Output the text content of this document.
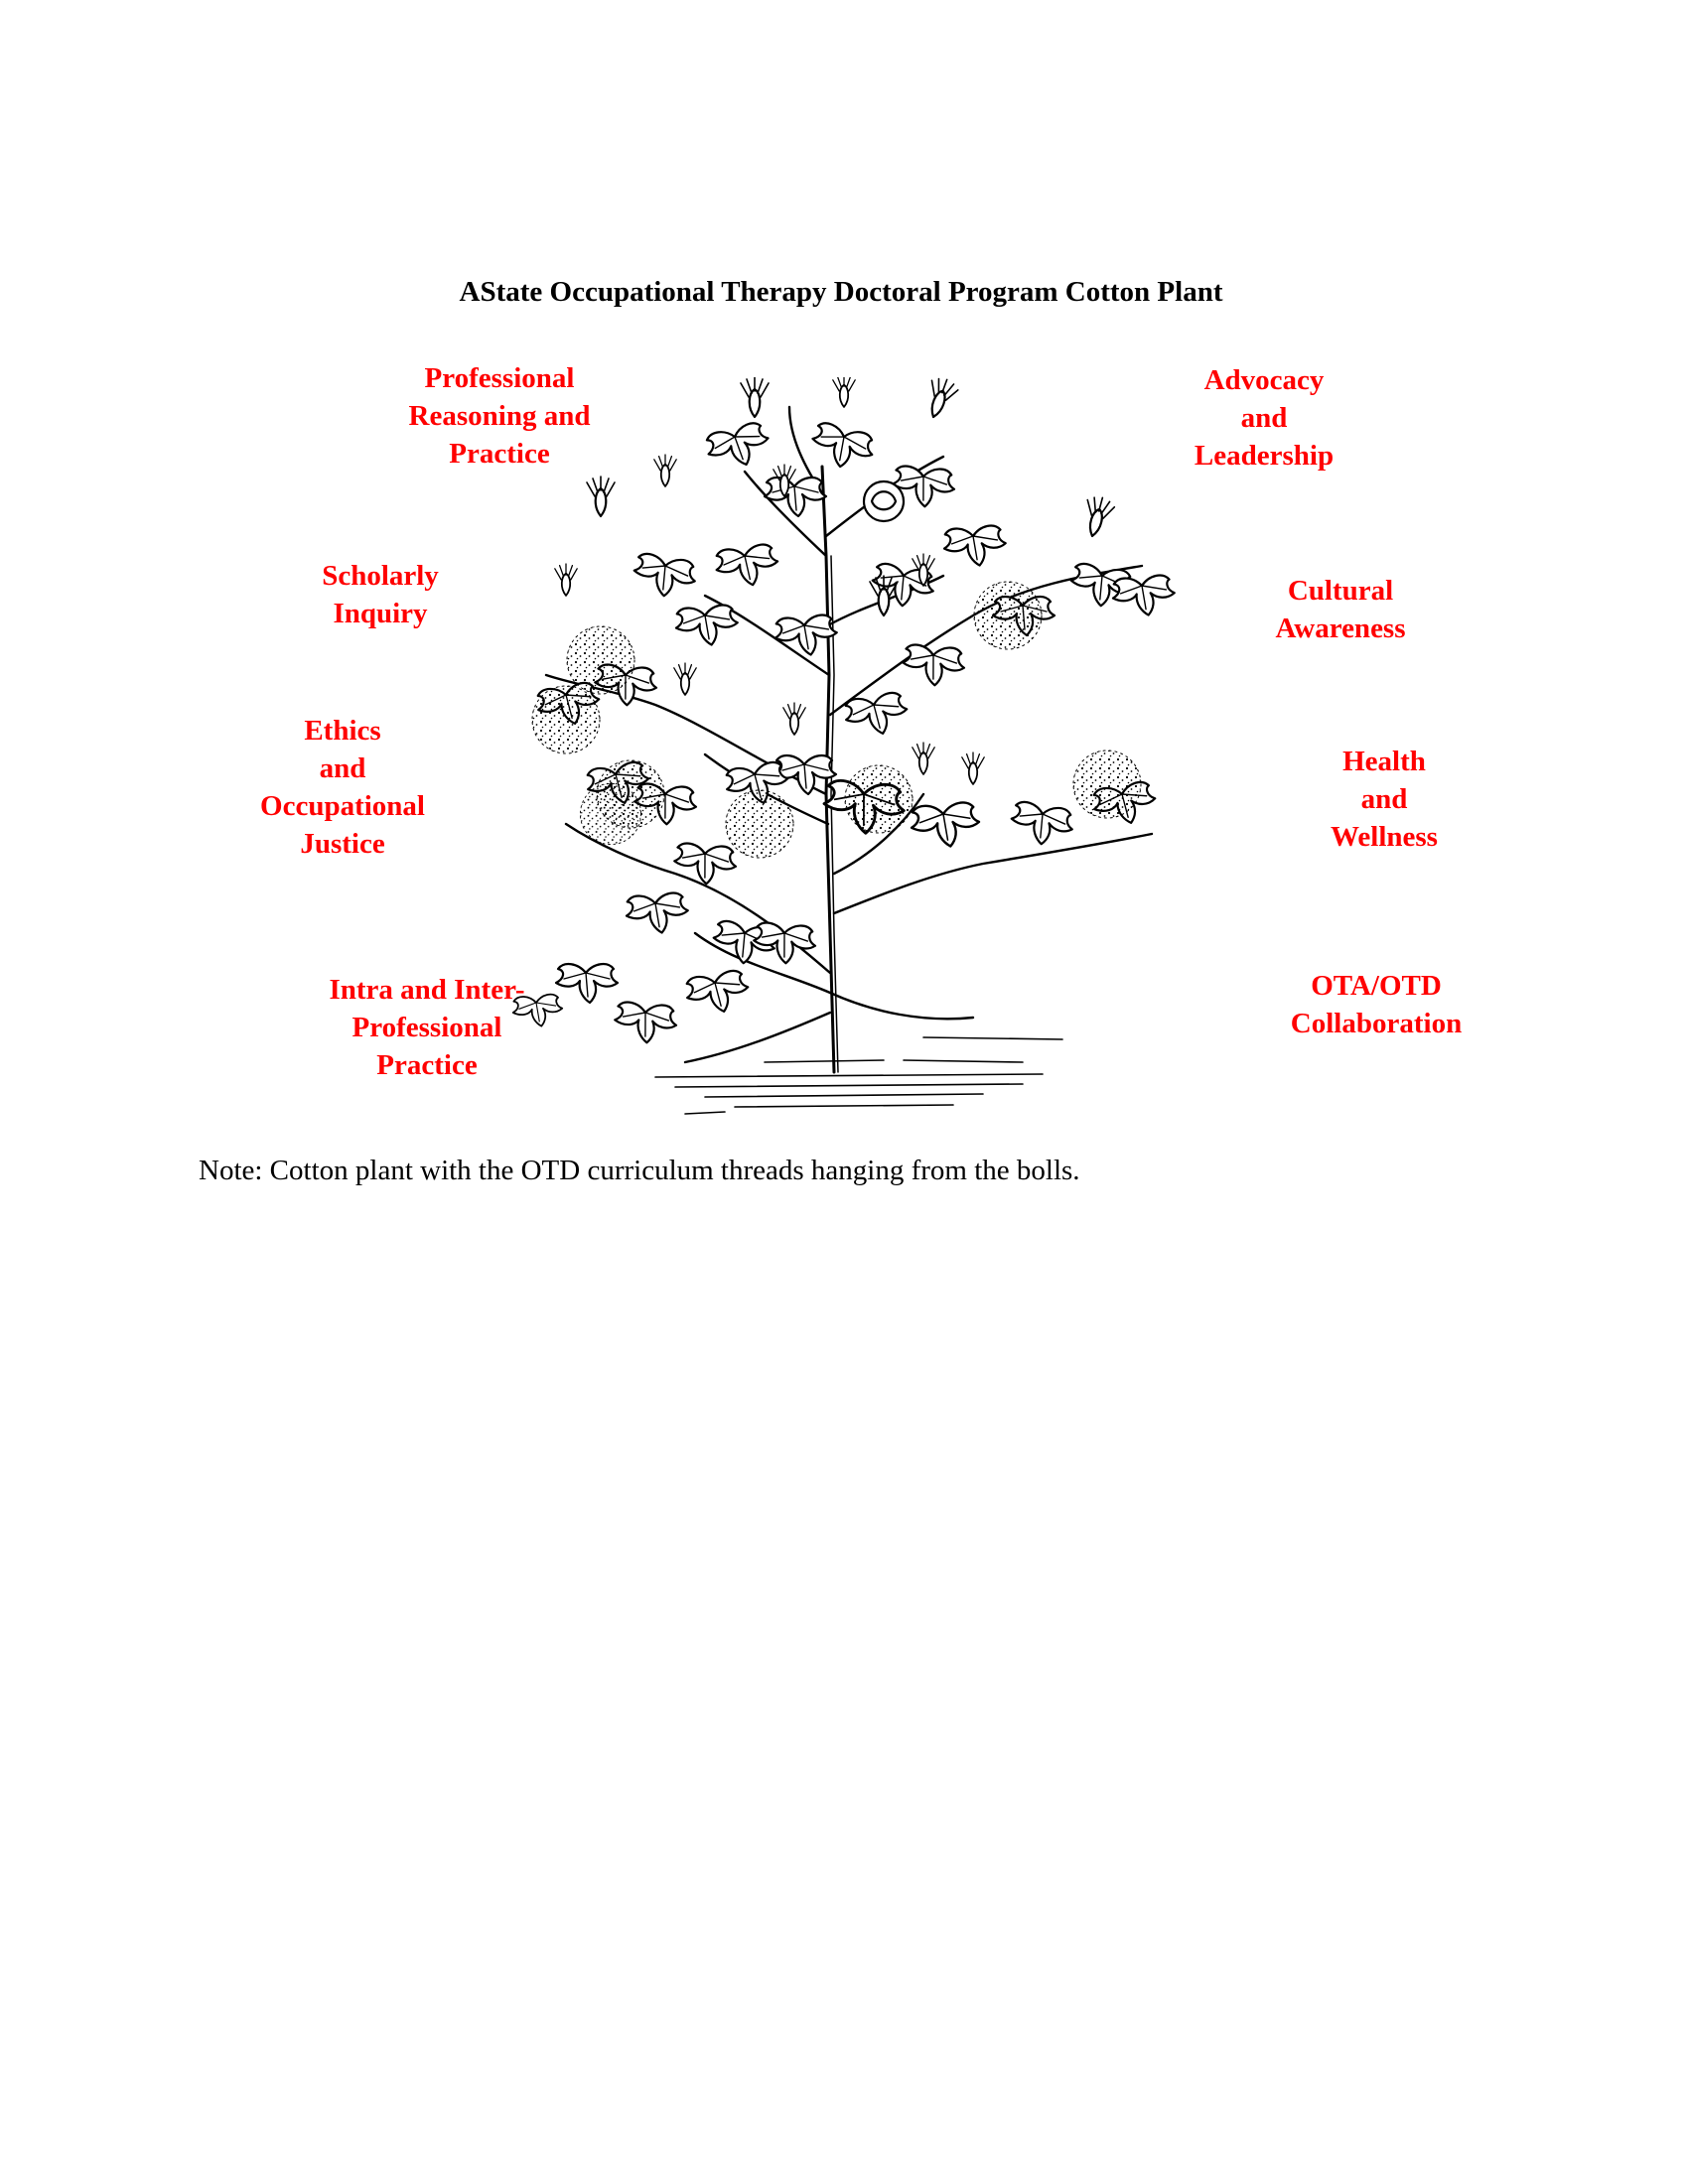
AState Occupational Therapy Doctoral Program Cotton Plant
Professional
Reasoning and
Practice
Scholarly
Inquiry
Ethics
and
Occupational
Justice
Intra and Inter-
Professional
Practice
Advocacy
and
Leadership
Cultural
Awareness
Health
and
Wellness
OTA/OTD
Collaboration
Note: Cotton plant with the OTD curriculum threads hanging from the bolls.
